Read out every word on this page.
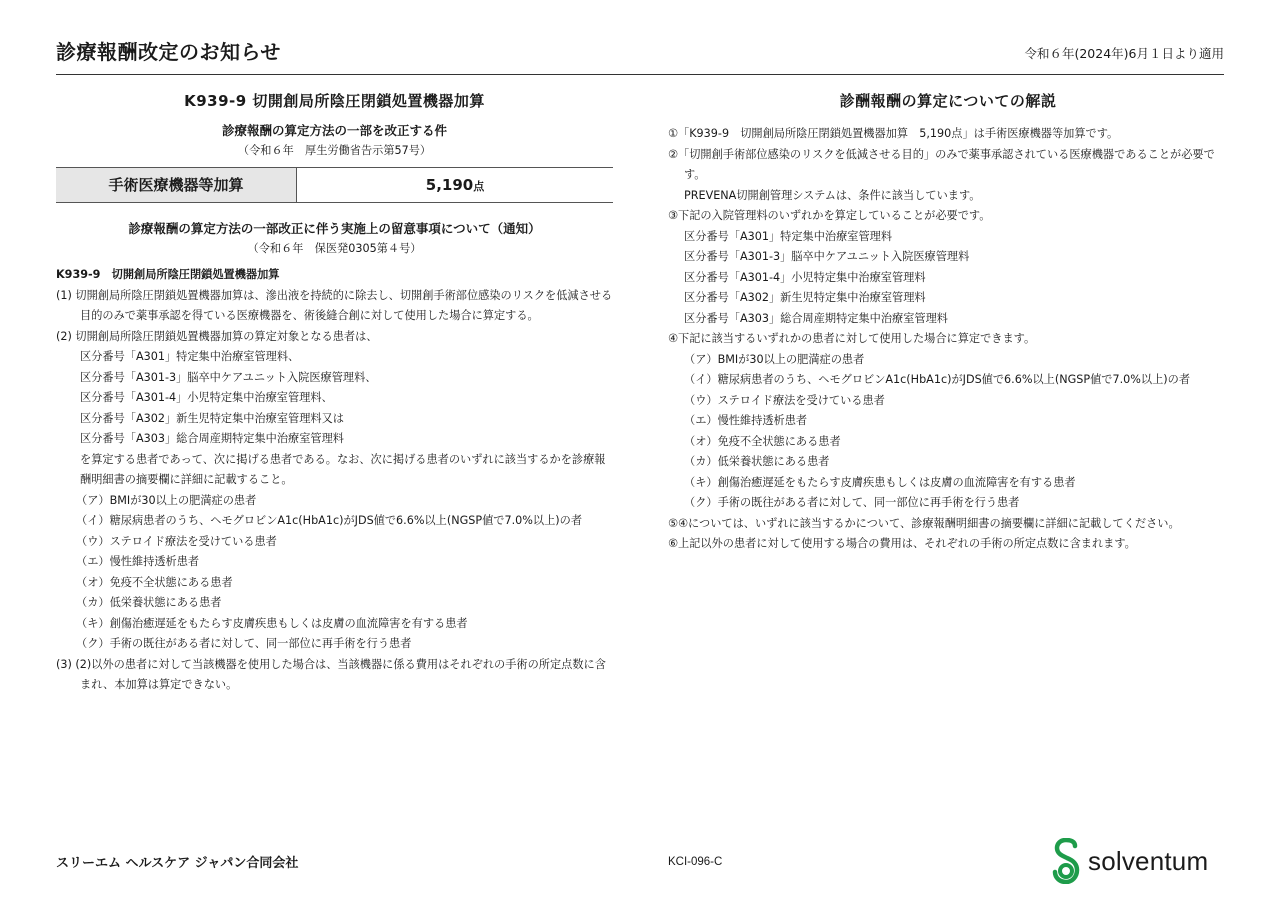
診療報酬改定のお知らせ	令和６年(2024年)6月１日より適用
K939-9 切開創局所陰圧閉鎖処置機器加算
診療報酬の算定方法の一部を改正する件
（令和６年　厚生労働省告示第57号）
手術医療機器等加算	5,190点
診療報酬の算定方法の一部改正に伴う実施上の留意事項について（通知）
（令和６年　保医発0305第４号）
K939-9　切開創局所陰圧閉鎖処置機器加算

(1) 切開創局所陰圧閉鎖処置機器加算は、滲出液を持続的に除去し、切開創手術部位感染のリスクを低減させる目的のみで薬事承認を得ている医療機器を、術後縫合創に対して使用した場合に算定する。

(2) 切開創局所陰圧閉鎖処置機器加算の算定対象となる患者は、

区分番号「A301」特定集中治療室管理料、

区分番号「A301-3」脳卒中ケアユニット入院医療管理料、

区分番号「A301-4」小児特定集中治療室管理料、

区分番号「A302」新生児特定集中治療室管理料又は

区分番号「A303」総合周産期特定集中治療室管理料

を算定する患者であって、次に掲げる患者である。なお、次に掲げる患者のいずれに該当するかを診療報酬明細書の摘要欄に詳細に記載すること。

（ア）BMIが30以上の肥満症の患者

（イ）糖尿病患者のうち、ヘモグロビンA1c(HbA1c)がJDS値で6.6%以上(NGSP値で7.0%以上)の者

（ウ）ステロイド療法を受けている患者

（エ）慢性維持透析患者

（オ）免疫不全状態にある患者

（カ）低栄養状態にある患者

（キ）創傷治癒遅延をもたらす皮膚疾患もしくは皮膚の血流障害を有する患者

（ク）手術の既往がある者に対して、同一部位に再手術を行う患者

(3) (2)以外の患者に対して当該機器を使用した場合は、当該機器に係る費用はそれぞれの手術の所定点数に含まれ、本加算は算定できない。

診酬報酬の算定についての解説

①「K939-9　切開創局所陰圧閉鎖処置機器加算　5,190点」は手術医療機器等加算です。

②「切開創手術部位感染のリスクを低減させる目的」のみで薬事承認されている医療機器であることが必要です。

PREVENA切開創管理システムは、条件に該当しています。

③下記の入院管理料のいずれかを算定していることが必要です。

区分番号「A301」特定集中治療室管理料

区分番号「A301-3」脳卒中ケアユニット入院医療管理料

区分番号「A301-4」小児特定集中治療室管理料

区分番号「A302」新生児特定集中治療室管理料

区分番号「A303」総合周産期特定集中治療室管理料

④下記に該当するいずれかの患者に対して使用した場合に算定できます。

（ア）BMIが30以上の肥満症の患者

（イ）糖尿病患者のうち、ヘモグロビンA1c(HbA1c)がJDS値で6.6%以上(NGSP値で7.0%以上)の者

（ウ）ステロイド療法を受けている患者

（エ）慢性維持透析患者

（オ）免疫不全状態にある患者

（カ）低栄養状態にある患者

（キ）創傷治癒遅延をもたらす皮膚疾患もしくは皮膚の血流障害を有する患者

（ク）手術の既往がある者に対して、同一部位に再手術を行う患者

⑤④については、いずれに該当するかについて、診療報酬明細書の摘要欄に詳細に記載してください。

⑥上記以外の患者に対して使用する場合の費用は、それぞれの手術の所定点数に含まれます。

スリーエム ヘルスケア ジャパン合同会社	KCI-096-C	solventum
